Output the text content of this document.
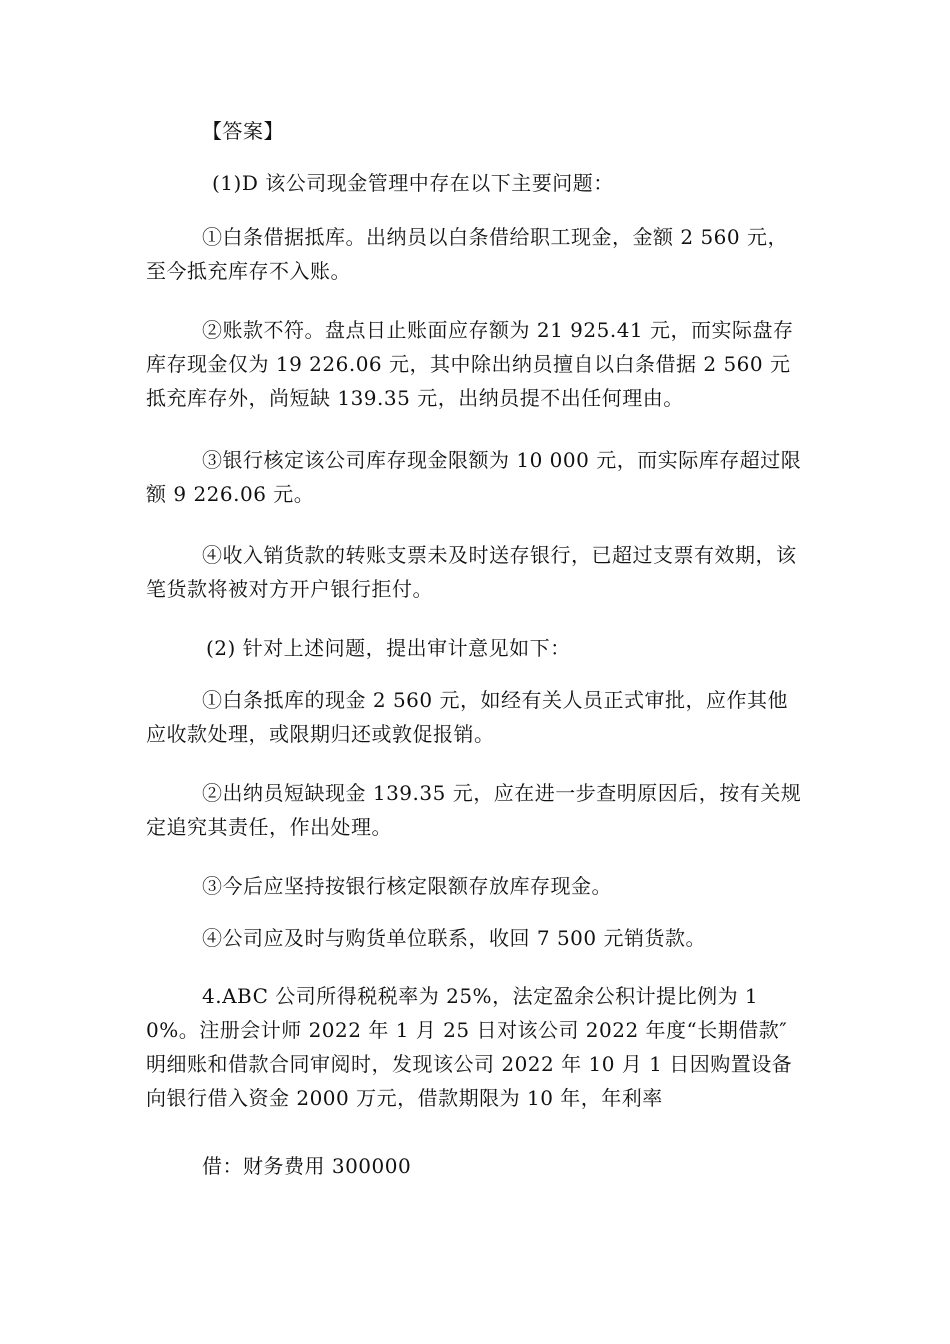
【答案】
(1)D 该公司现金管理中存在以下主要问题：
①白条借据抵库。出纳员以白条借给职工现金，金额 2 560 元，至今抵充库存不入账。
②账款不符。盘点日止账面应存额为 21 925.41 元，而实际盘存库存现金仅为 19 226.06 元，其中除出纳员擅自以白条借据 2 560 元抵充库存外，尚短缺 139.35 元，出纳员提不出任何理由。
③银行核定该公司库存现金限额为 10 000 元，而实际库存超过限额 9 226.06 元。
④收入销货款的转账支票未及时送存银行，已超过支票有效期，该笔货款将被对方开户银行拒付。
(2) 针对上述问题，提出审计意见如下：
①白条抵库的现金 2 560 元，如经有关人员正式审批，应作其他应收款处理，或限期归还或敦促报销。
②出纳员短缺现金 139.35 元，应在进一步查明原因后，按有关规定追究其责任，作出处理。
③今后应坚持按银行核定限额存放库存现金。
④公司应及时与购货单位联系，收回 7 500 元销货款。
4.ABC 公司所得税税率为 25%，法定盈余公积计提比例为 10%。注册会计师 2022 年 1 月 25 日对该公司 2022 年度“长期借款″明细账和借款合同审阅时，发现该公司 2022 年 10 月 1 日因购置设备向银行借入资金 2000 万元，借款期限为 10 年，年利率
借：财务费用 300000
